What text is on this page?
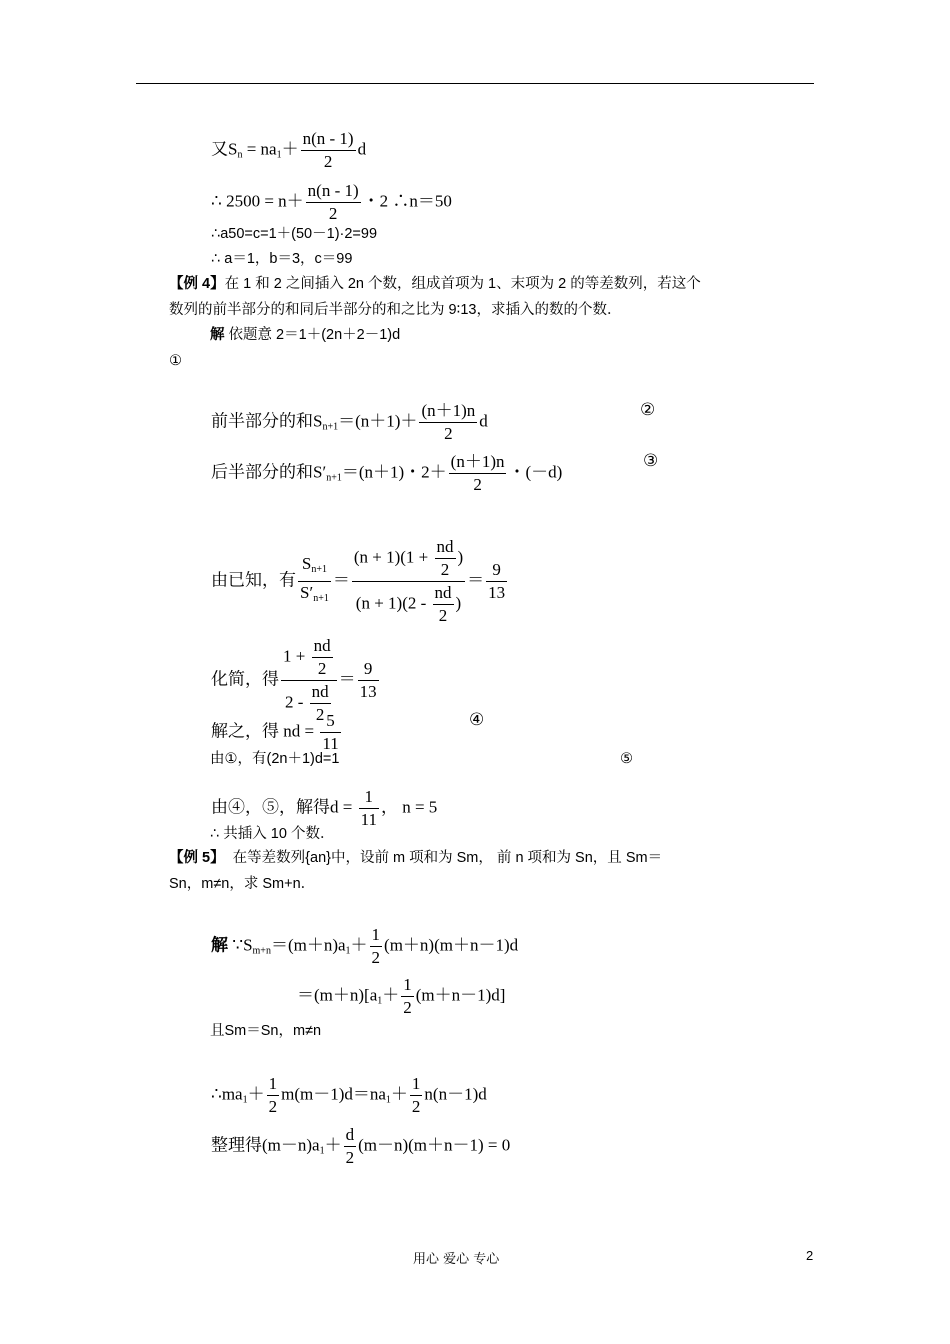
又$S_n = na_1+ \frac{n(n - 1)}{2}$ d
∴ $2500 = n+ \frac{n(n - 1)}{2}$ ・2 ∴n＝50
∴a50=c=1＋(50－1)·2=99
∴ a＝1，b＝3，c＝99
【例 4】在 1 和 2 之间插入 2n 个数，组成首项为 1、末项为 2 的等差数列，若这个
数列的前半部分的和同后半部分的和之比为 9∶13，求插入的数的个数．
解 依题意 2＝1＋(2n＋2－1)d
①
前半部分的和$S_{n+1}=(n+1)+ \frac{(n+1)n}{2}$ d
②
后半部分的和$S'_{n+1}=(n+1)$・$2+ \frac{(n+1)n}{2}$ ・(－d)
③
由已知，有 $\frac{S_{n+1}}{S'_{n+1}} = \frac{(n + 1)(1 + \frac{nd}{2} )}{(n + 1)(2 - \frac{nd}{2} )} = \frac{9}{13}$
化简，得 $\frac{1 + \frac{nd}{2}}{2 - \frac{nd}{2}} = \frac{9}{13}$
解之，得 nd = $\frac{5}{11}$	④
由①，有(2n＋1)d=1	⑤
由④，⑤，解得$d = \frac{1}{11}$ ， n = 5
∴ 共插入 10 个数．
【例 5】 在等差数列{an}中，设前 m 项和为 Sm， 前 n 项和为 Sn，且 Sm＝
Sn，m≠n，求 Sm+n．
解 $\because S_{m+n}=(m+n)a_1+ \frac{1}{2} (m+n)(m+n-1)d$
$=(m+n)[a_1+ \frac{1}{2} (m+n-1)d]$
且Sm＝Sn，m≠n
$\therefore ma_1+ \frac{1}{2} m(m-1)d=na_1+ \frac{1}{2} n(n-1)d$
整理得$(m-n)a_1+ \frac{d}{2} (m-n)(m+n-1) = 0$
用心 爱心 专心	2
